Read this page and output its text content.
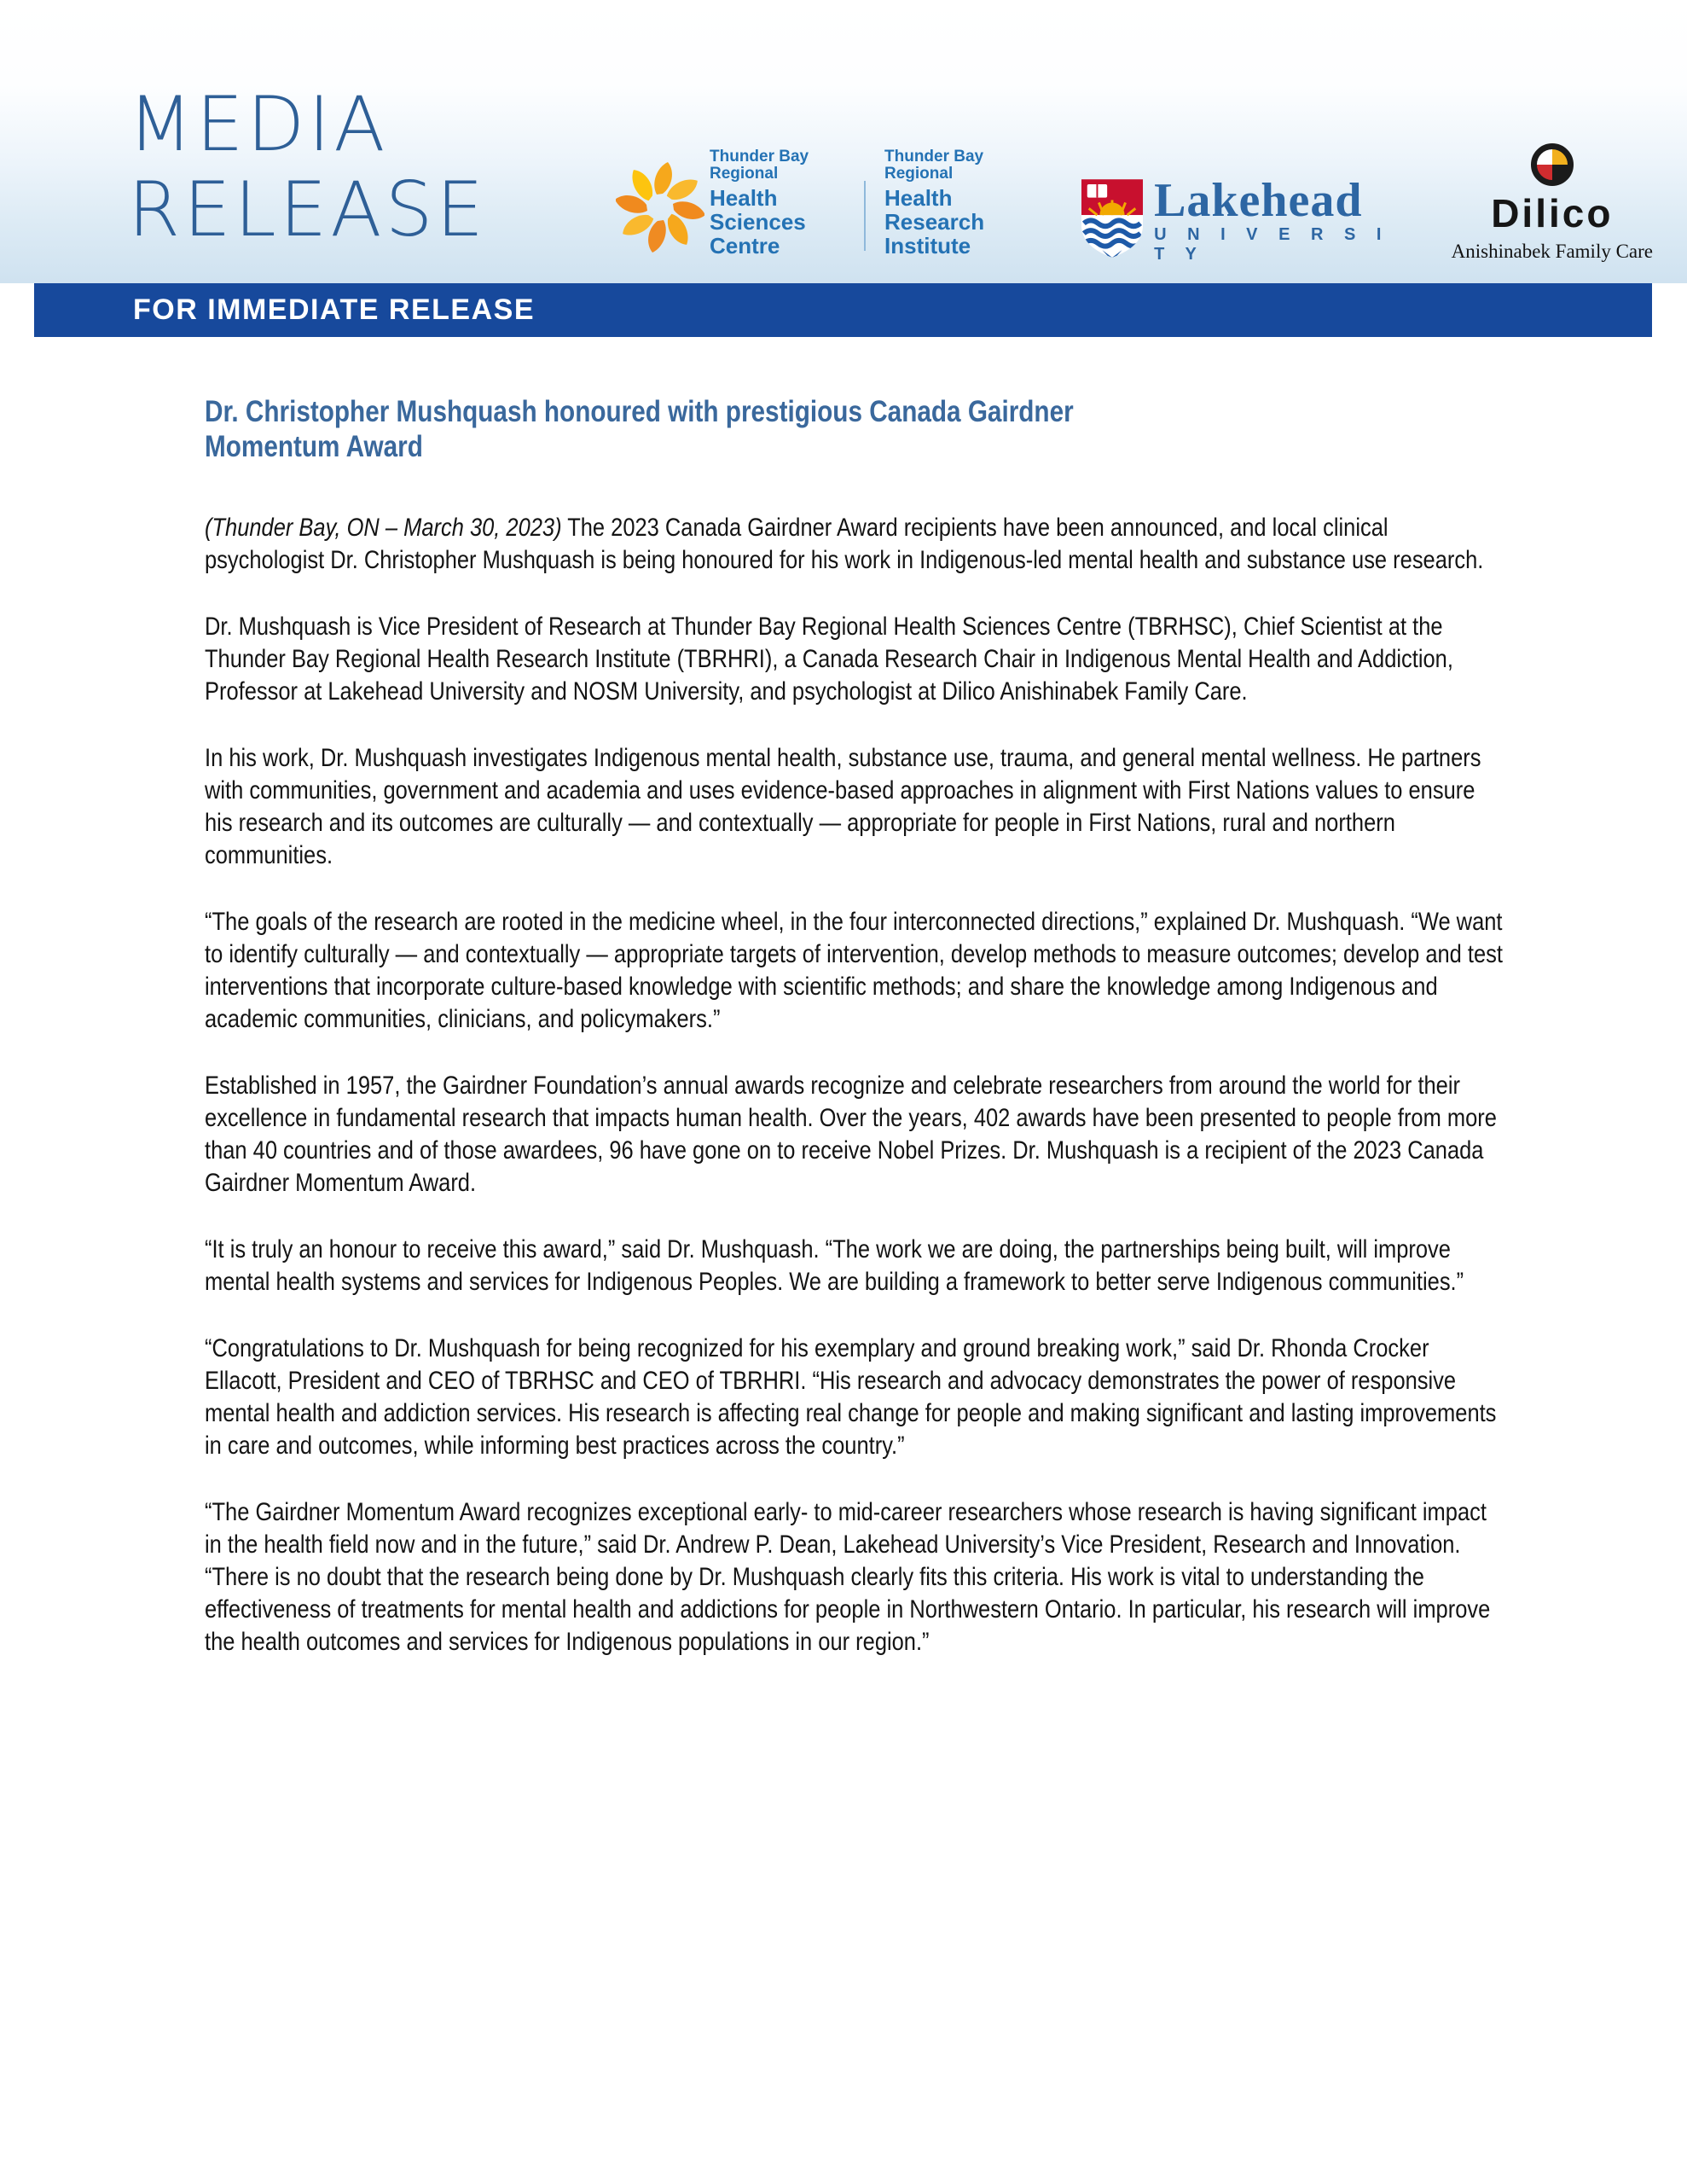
MEDIA
RELEASE
Thunder Bay Regional
Health Sciences
Centre
Thunder Bay Regional
Health Research
Institute
Lakehead
U N I V E R S I T Y
Dilico
Anishinabek Family Care
FOR IMMEDIATE RELEASE
Dr. Christopher Mushquash honoured with prestigious Canada Gairdner
Momentum Award

(Thunder Bay, ON – March 30, 2023) The 2023 Canada Gairdner Award recipients have been announced, and local clinical psychologist Dr. Christopher Mushquash is being honoured for his work in Indigenous-led mental health and substance use research.

Dr. Mushquash is Vice President of Research at Thunder Bay Regional Health Sciences Centre (TBRHSC), Chief Scientist at the Thunder Bay Regional Health Research Institute (TBRHRI), a Canada Research Chair in Indigenous Mental Health and Addiction, Professor at Lakehead University and NOSM University, and psychologist at Dilico Anishinabek Family Care.

In his work, Dr. Mushquash investigates Indigenous mental health, substance use, trauma, and general mental wellness. He partners with communities, government and academia and uses evidence-based approaches in alignment with First Nations values to ensure his research and its outcomes are culturally — and contextually — appropriate for people in First Nations, rural and northern communities.

“The goals of the research are rooted in the medicine wheel, in the four interconnected directions,” explained Dr. Mushquash. “We want to identify culturally — and contextually — appropriate targets of intervention, develop methods to measure outcomes; develop and test interventions that incorporate culture-based knowledge with scientific methods; and share the knowledge among Indigenous and academic communities, clinicians, and policymakers.”

Established in 1957, the Gairdner Foundation’s annual awards recognize and celebrate researchers from around the world for their excellence in fundamental research that impacts human health. Over the years, 402 awards have been presented to people from more than 40 countries and of those awardees, 96 have gone on to receive Nobel Prizes. Dr. Mushquash is a recipient of the 2023 Canada Gairdner Momentum Award.

“It is truly an honour to receive this award,” said Dr. Mushquash. “The work we are doing, the partnerships being built, will improve mental health systems and services for Indigenous Peoples. We are building a framework to better serve Indigenous communities.”

“Congratulations to Dr. Mushquash for being recognized for his exemplary and ground breaking work,” said Dr. Rhonda Crocker Ellacott, President and CEO of TBRHSC and CEO of TBRHRI. “His research and advocacy demonstrates the power of responsive mental health and addiction services. His research is affecting real change for people and making significant and lasting improvements in care and outcomes, while informing best practices across the country.”

“The Gairdner Momentum Award recognizes exceptional early- to mid-career researchers whose research is having significant impact in the health field now and in the future,” said Dr. Andrew P. Dean, Lakehead University’s Vice President, Research and Innovation. “There is no doubt that the research being done by Dr. Mushquash clearly fits this criteria. His work is vital to understanding the effectiveness of treatments for mental health and addictions for people in Northwestern Ontario. In particular, his research will improve the health outcomes and services for Indigenous populations in our region.”
